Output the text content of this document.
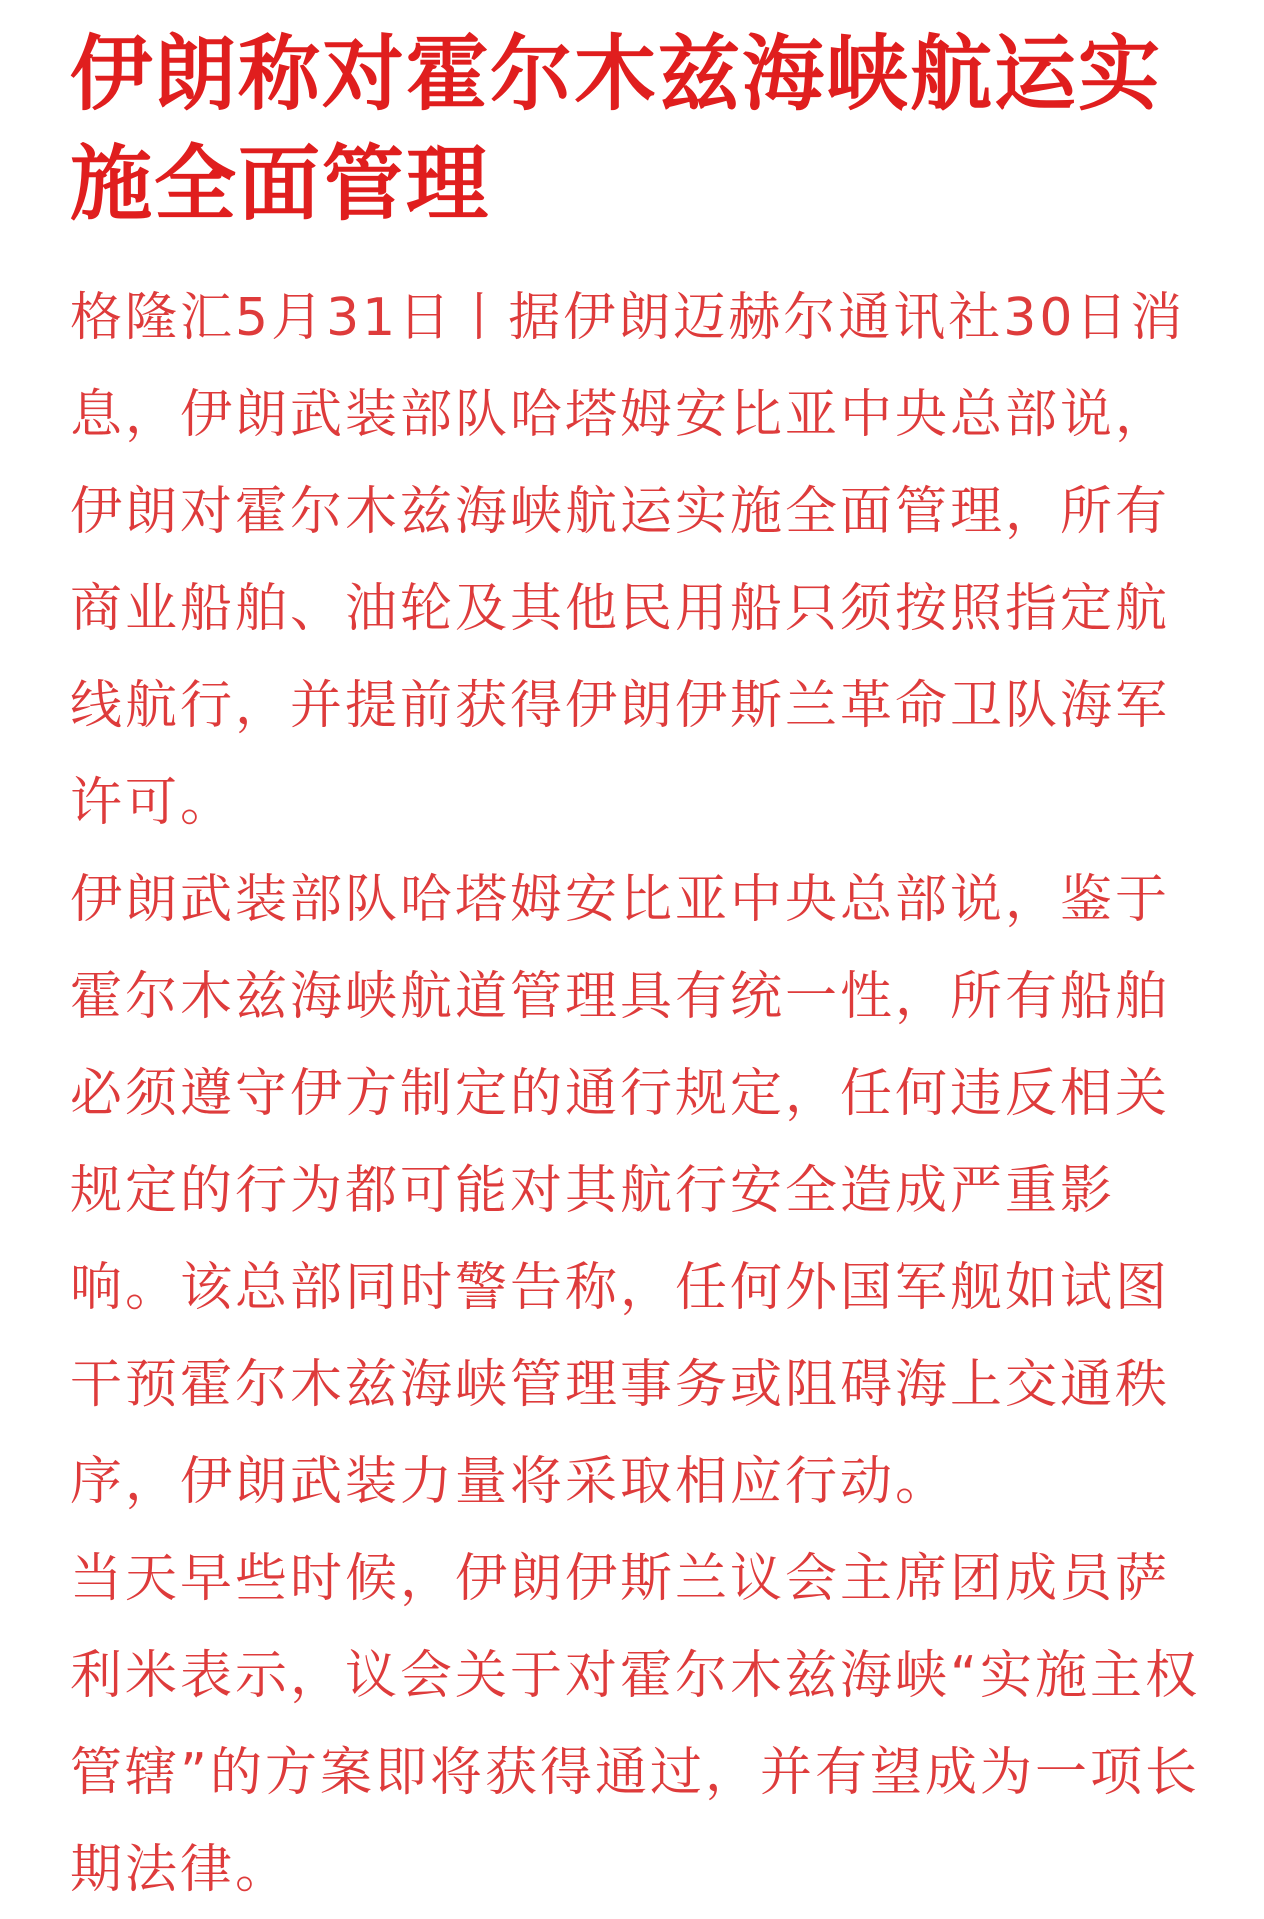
伊朗称对霍尔木兹海峡航运实施全面管理

格隆汇5月31日丨据伊朗迈赫尔通讯社30日消息，伊朗武装部队哈塔姆安比亚中央总部说，伊朗对霍尔木兹海峡航运实施全面管理，所有商业船舶、油轮及其他民用船只须按照指定航线航行，并提前获得伊朗伊斯兰革命卫队海军许可。

伊朗武装部队哈塔姆安比亚中央总部说，鉴于霍尔木兹海峡航道管理具有统一性，所有船舶必须遵守伊方制定的通行规定，任何违反相关规定的行为都可能对其航行安全造成严重影响。该总部同时警告称，任何外国军舰如试图干预霍尔木兹海峡管理事务或阻碍海上交通秩序，伊朗武装力量将采取相应行动。

当天早些时候，伊朗伊斯兰议会主席团成员萨利米表示，议会关于对霍尔木兹海峡“实施主权管辖”的方案即将获得通过，并有望成为一项长期法律。
